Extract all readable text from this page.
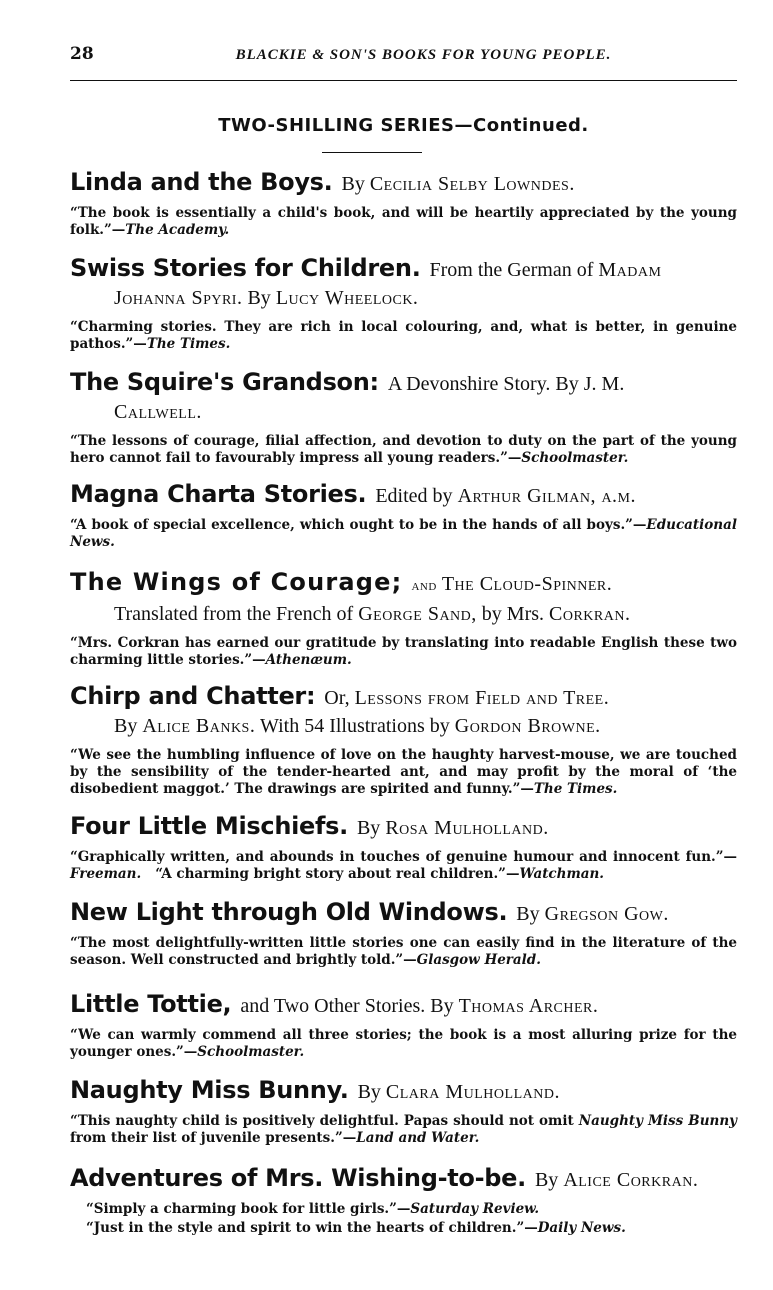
28	BLACKIE & SON'S BOOKS FOR YOUNG PEOPLE.
TWO-SHILLING SERIES—Continued.
Linda and the Boys. By Cecilia Selby Lowndes.
“The book is essentially a child's book, and will be heartily appreciated by the young folk.”—The Academy.
Swiss Stories for Children. From the German of Madam
Johanna Spyri. By Lucy Wheelock.
“Charming stories. They are rich in local colouring, and, what is better, in genuine pathos.”—The Times.
The Squire's Grandson: A Devonshire Story. By J. M.
Callwell.
“The lessons of courage, filial affection, and devotion to duty on the part of the young hero cannot fail to favourably impress all young readers.”—Schoolmaster.
Magna Charta Stories. Edited by Arthur Gilman, a.m.
“A book of special excellence, which ought to be in the hands of all boys.”—Educational News.
The Wings of Courage; and The Cloud-Spinner.
Translated from the French of George Sand, by Mrs. Corkran.
“Mrs. Corkran has earned our gratitude by translating into readable English these two charming little stories.”—Athenæum.
Chirp and Chatter: Or, Lessons from Field and Tree.
By Alice Banks. With 54 Illustrations by Gordon Browne.
“We see the humbling influence of love on the haughty harvest-mouse, we are touched by the sensibility of the tender-hearted ant, and may profit by the moral of ‘the disobedient maggot.’ The drawings are spirited and funny.”—The Times.
Four Little Mischiefs. By Rosa Mulholland.
“Graphically written, and abounds in touches of genuine humour and innocent fun.”—Freeman. “A charming bright story about real children.”—Watchman.
New Light through Old Windows. By Gregson Gow.
“The most delightfully-written little stories one can easily find in the literature of the season. Well constructed and brightly told.”—Glasgow Herald.
Little Tottie, and Two Other Stories. By Thomas Archer.
“We can warmly commend all three stories; the book is a most alluring prize for the younger ones.”—Schoolmaster.
Naughty Miss Bunny. By Clara Mulholland.
“This naughty child is positively delightful. Papas should not omit Naughty Miss Bunny from their list of juvenile presents.”—Land and Water.
Adventures of Mrs. Wishing-to-be. By Alice Corkran.
“Simply a charming book for little girls.”—Saturday Review.
“Just in the style and spirit to win the hearts of children.”—Daily News.
